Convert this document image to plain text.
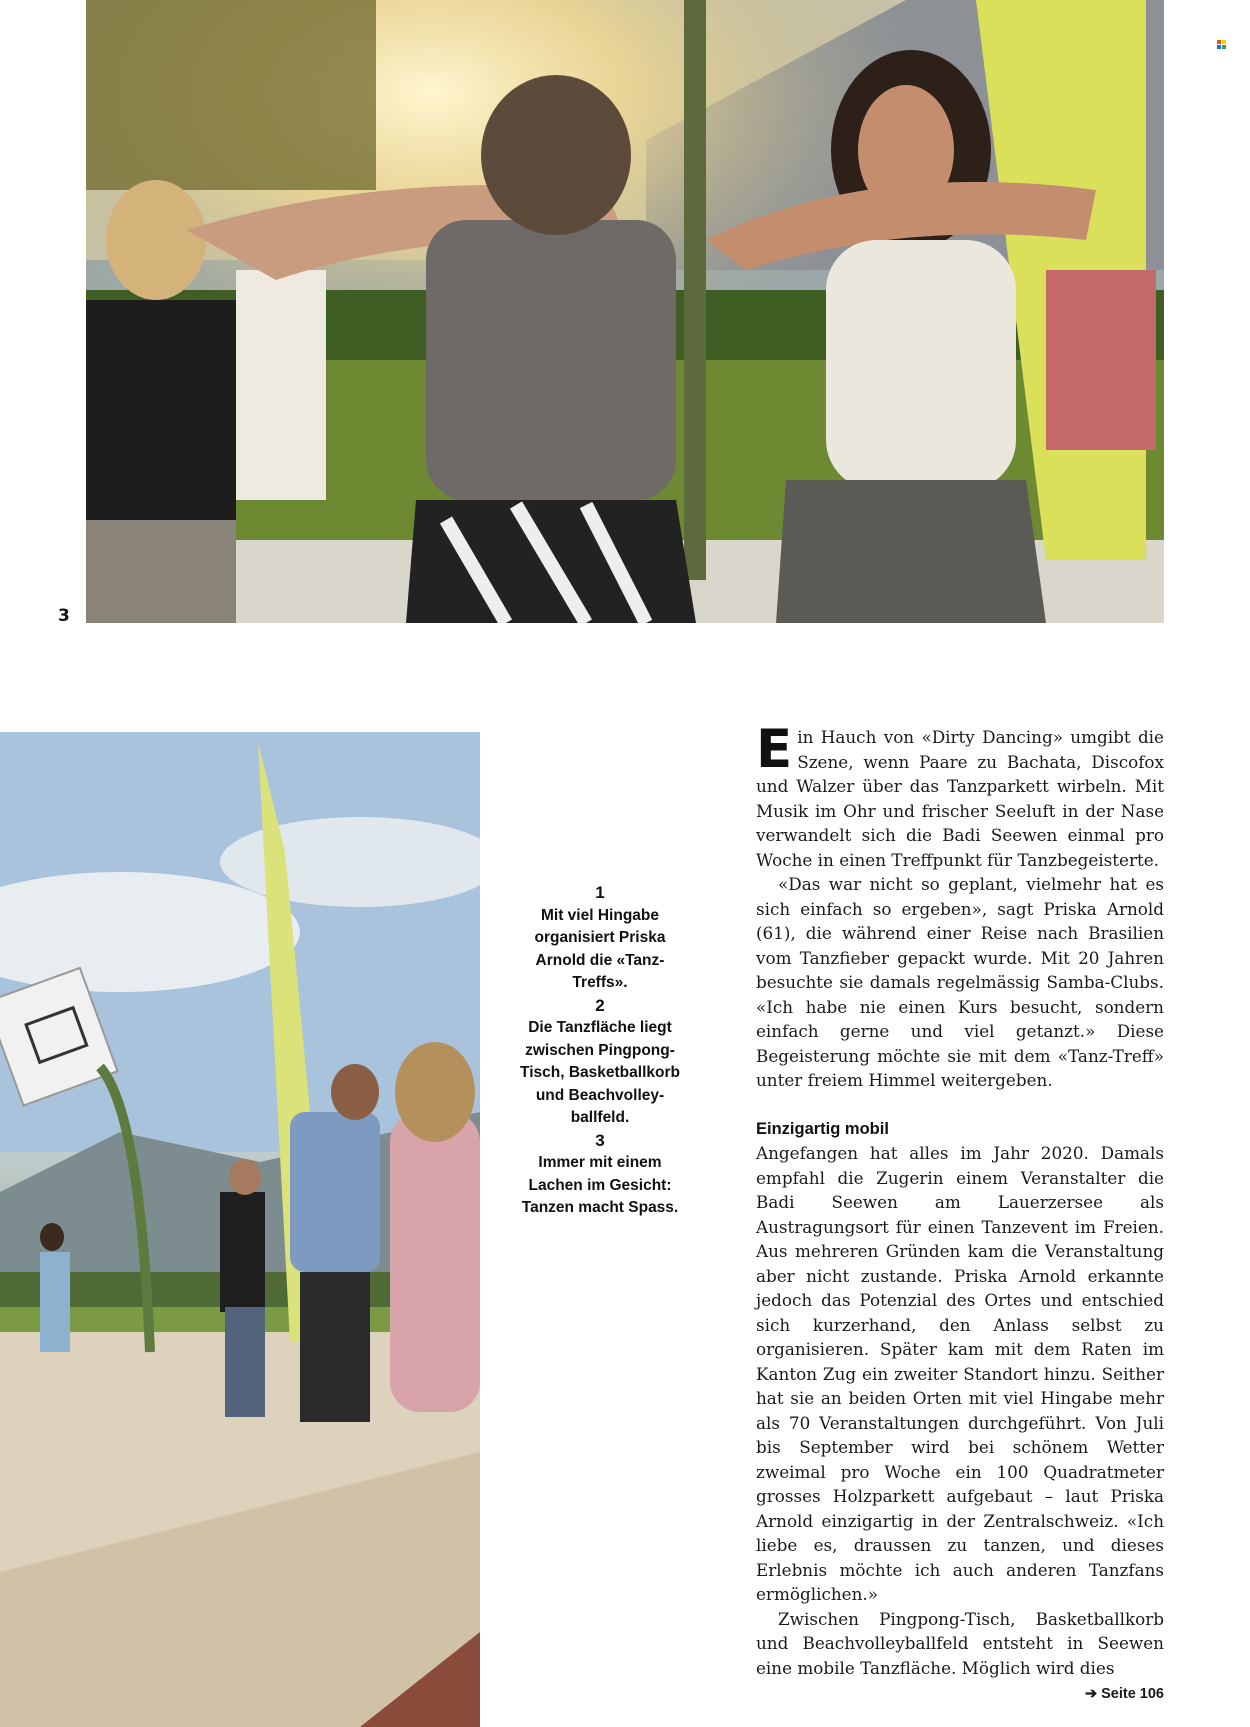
3
1
Mit viel Hingabe organisiert Priska Arnold die «Tanz-Treffs».
2
Die Tanzfläche liegt zwischen Pingpong-Tisch, Basketballkorb und Beachvolley-ballfeld.
3
Immer mit einem Lachen im Gesicht: Tanzen macht Spass.

Ein Hauch von «Dirty Dancing» umgibt die Szene, wenn Paare zu Bachata, Discofox und Walzer über das Tanzparkett wirbeln. Mit Musik im Ohr und frischer Seeluft in der Nase verwandelt sich die Badi Seewen einmal pro Woche in einen Treffpunkt für Tanzbegeisterte.

«Das war nicht so geplant, vielmehr hat es sich einfach so ergeben», sagt Priska Arnold (61), die während einer Reise nach Brasilien vom Tanzfieber gepackt wurde. Mit 20 Jahren besuchte sie damals regelmässig Samba-Clubs. «Ich habe nie einen Kurs besucht, sondern einfach gerne und viel getanzt.» Diese Begeisterung möchte sie mit dem «Tanz-Treff» unter freiem Himmel weitergeben.

Einzigartig mobil

Angefangen hat alles im Jahr 2020. Damals empfahl die Zugerin einem Veranstalter die Badi Seewen am Lauerzersee als Austragungsort für einen Tanzevent im Freien. Aus mehreren Gründen kam die Veranstaltung aber nicht zustande. Priska Arnold erkannte jedoch das Potenzial des Ortes und entschied sich kurzerhand, den Anlass selbst zu organisieren. Später kam mit dem Raten im Kanton Zug ein zweiter Standort hinzu. Seither hat sie an beiden Orten mit viel Hingabe mehr als 70 Veranstaltungen durchgeführt. Von Juli bis September wird bei schönem Wetter zweimal pro Woche ein 100 Quadratmeter grosses Holzparkett aufgebaut – laut Priska Arnold einzigartig in der Zentralschweiz. «Ich liebe es, draussen zu tanzen, und dieses Erlebnis möchte ich auch anderen Tanzfans ermöglichen.»

Zwischen Pingpong-Tisch, Basketballkorb und Beachvolleyballfeld entsteht in Seewen eine mobile Tanzfläche. Möglich wird dies
➔ Seite 106
